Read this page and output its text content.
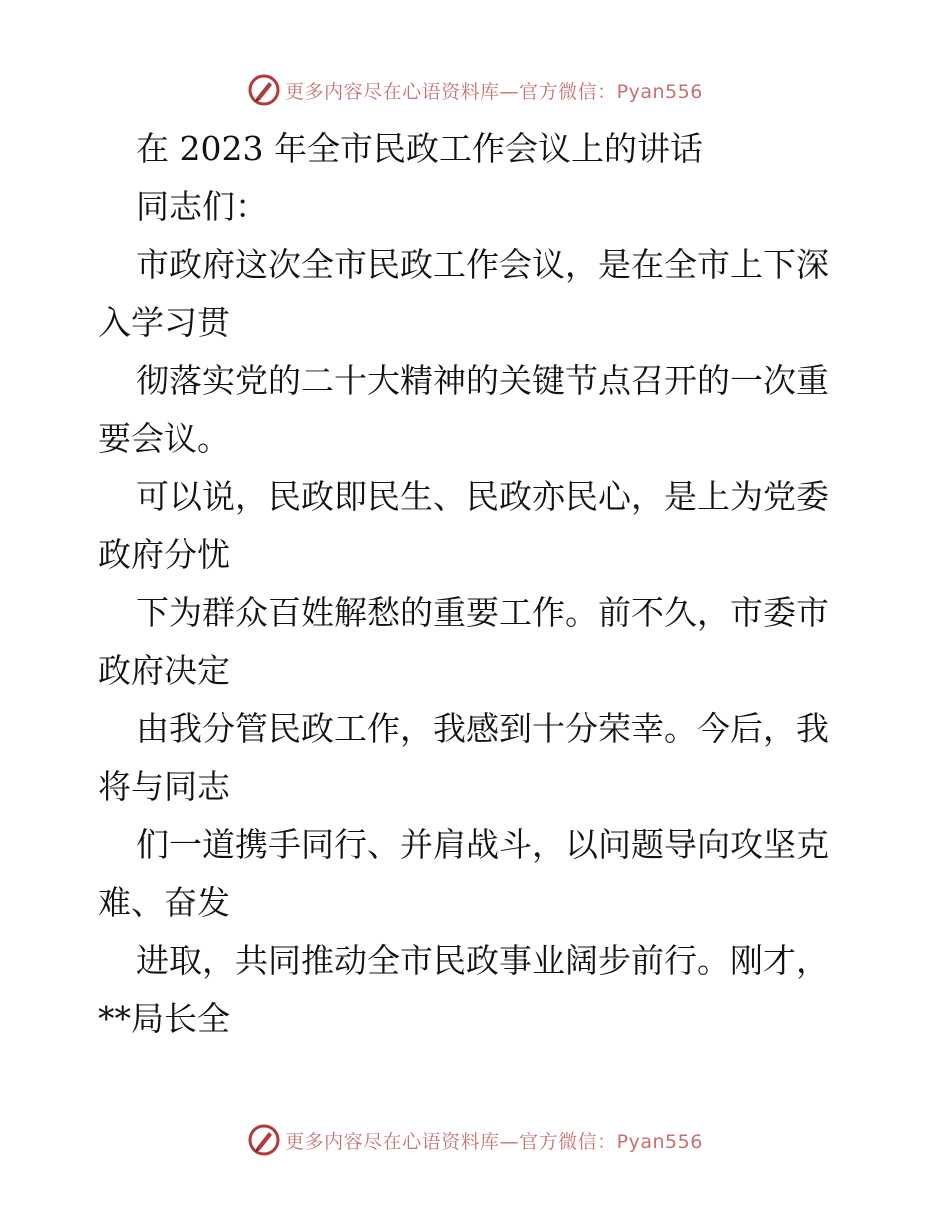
更多内容尽在心语资料库—官方微信：Pyan556
在 2023 年全市民政工作会议上的讲话
同志们：
市政府这次全市民政工作会议，是在全市上下深
入学习贯
彻落实党的二十大精神的关键节点召开的一次重
要会议。
可以说，民政即民生、民政亦民心，是上为党委
政府分忧
下为群众百姓解愁的重要工作。前不久，市委市
政府决定
由我分管民政工作，我感到十分荣幸。今后，我
将与同志
们一道携手同行、并肩战斗，以问题导向攻坚克
难、奋发
进取，共同推动全市民政事业阔步前行。刚才，
**局长全
更多内容尽在心语资料库—官方微信：Pyan556
